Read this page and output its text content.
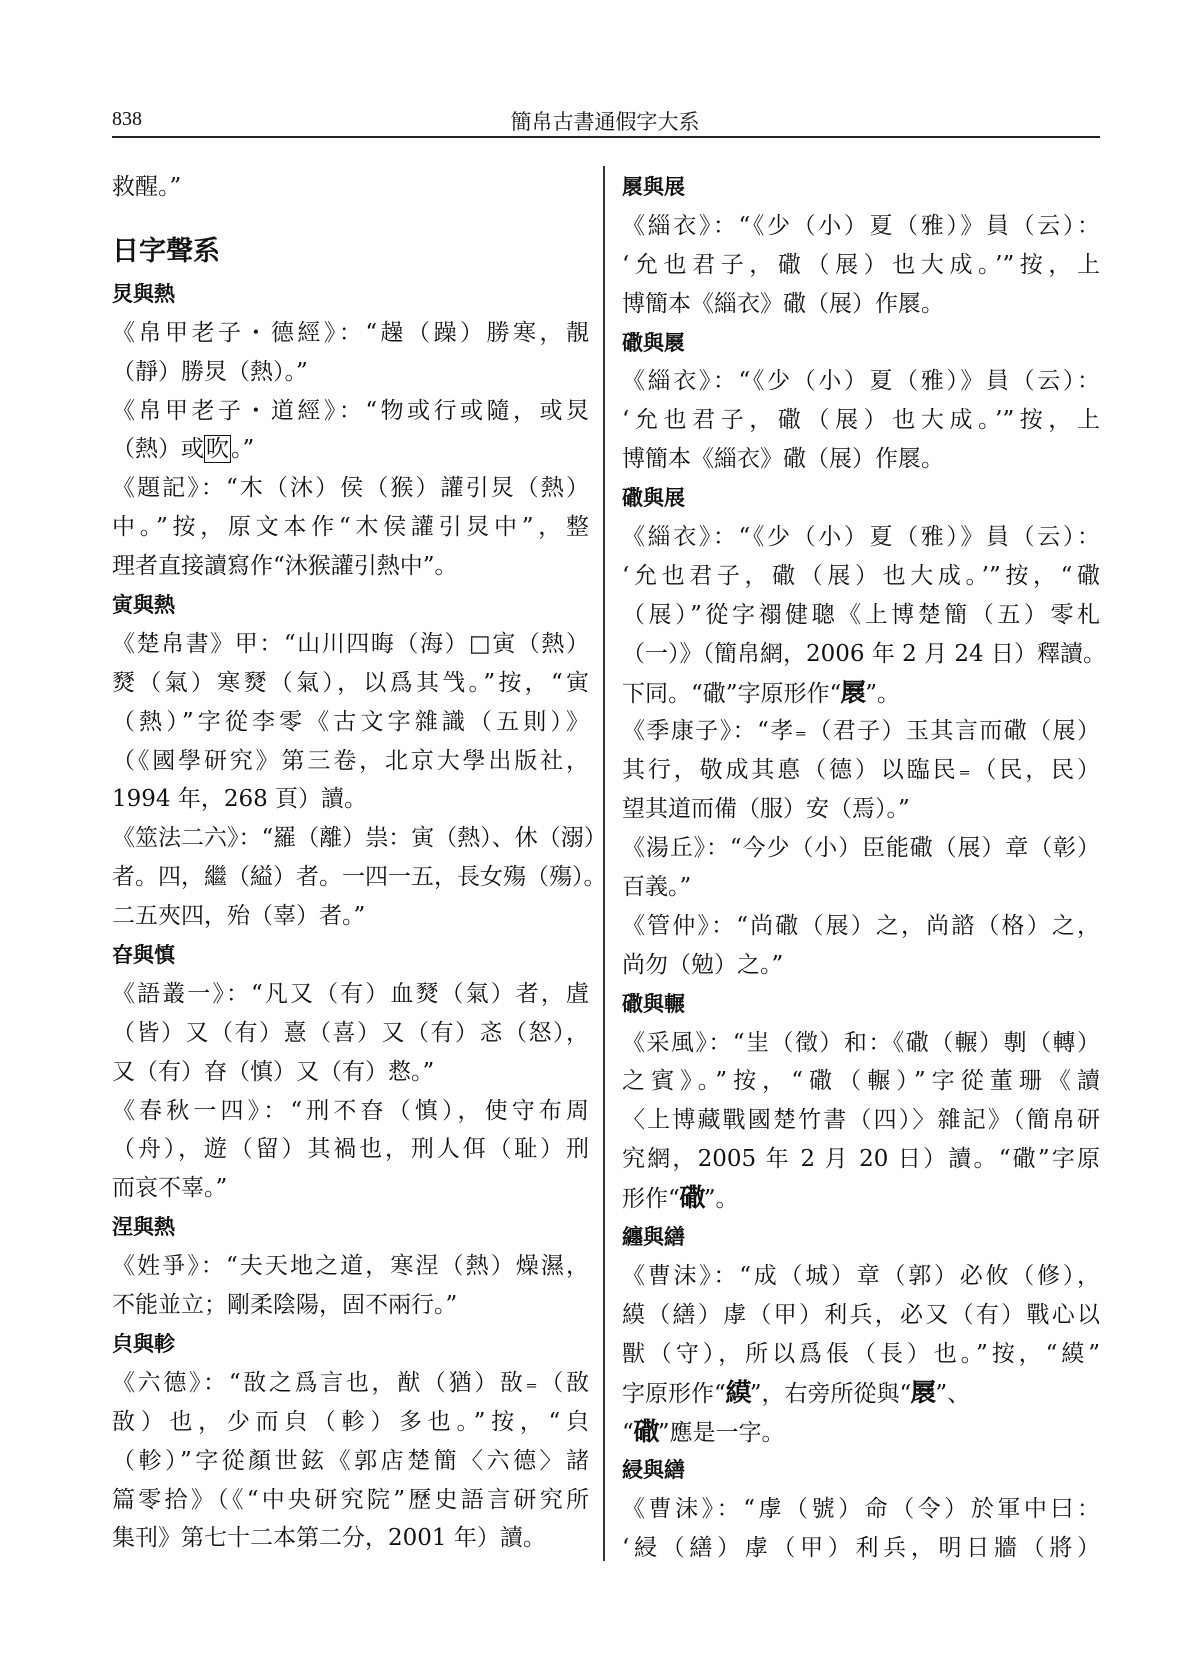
838	簡帛古書通假字大系
救醒。”
日字聲系
炅與熱
《帛甲老子・德經》：“趮（躁）勝寒，靚
（靜）勝炅（熱）。”
《帛甲老子・道經》：“物或行或隨，或炅
（熱）或吹。”
《題記》：“木（沐）侯（猴）讙引炅（熱）
中。”按，原文本作“木侯讙引炅中”，整
理者直接讀寫作“沐猴讙引熱中”。
寅與熱
《楚帛書》甲：“山川四晦（海）□寅（熱）
燹（氣）寒燹（氣），以爲其㦰。”按，“寅
（熱）”字從李零《古文字雜識（五則）》
（《國學研究》第三卷，北京大學出版社，
1994 年，268 頁）讀。
《筮法二六》：“羅（離）祟：寅（熱）、休（溺）
者。四，繼（縊）者。一四一五，長女殤（殤）。
二五夾四，殆（辜）者。”
昚與慎
《語叢一》：“凡又（有）血燹（氣）者，虘
（皆）又（有）憙（喜）又（有）忞（怒），
又（有）昚（慎）又（有）慦。”
《春秋一四》：“刑不昚（慎），使守布周
（舟），遊（留）其禍也，刑人佴（耻）刑
而哀不辜。”
涅與熱
《姓爭》：“夫天地之道，寒涅（熱）燥濕，
不能並立；剛柔陰陽，固不兩行。”
㒵與軫
《六德》：“敔之爲言也，猷（猶）敔₌（敔
敔）也，少而㒵（軫）多也。”按，“㒵
（軫）”字從顏世鉉《郭店楚簡〈六德〉諸
篇零拾》（《“中央研究院”歷史語言研究所
集刊》第七十二本第二分，2001 年）讀。
㞡與展
《緇衣》：“《少（小）夏（雅）》員（云）：
‘允也君子，䃟（展）也大成。’”按，上
博簡本《緇衣》䃟（展）作㞡。
䃟與㞡
《緇衣》：“《少（小）夏（雅）》員（云）：
‘允也君子，䃟（展）也大成。’”按，上
博簡本《緇衣》䃟（展）作㞡。
䃟與展
《緇衣》：“《少（小）夏（雅）》員（云）：
‘允也君子，䃟（展）也大成。’”按，“䃟
（展）”從字禤健聰《上博楚簡（五）零札
（一）》（簡帛網，2006 年 2 月 24 日）釋讀。
下同。“䃟”字原形作“㞡”。
《季康子》：“孝₌（君子）玉其言而䃟（展）
其行，敬成其悳（德）以臨民₌（民，民）
望其道而備（服）安（焉）。”
《湯丘》：“今少（小）臣能䃟（展）章（彰）
百義。”
《管仲》：“尚䃟（展）之，尚諮（格）之，
尚勿（勉）之。”
䃟與輾
《采風》：“㞷（徵）和：《䃟（輾）剸（轉）
之賓》。”按，“䃟（輾）”字從董珊《讀
〈上博藏戰國楚竹書（四）〉雜記》（簡帛研
究網，2005 年 2 月 20 日）讀。“䃟”字原
形作“䃟”。
纏與繕
《曹沫》：“成（城）章（郭）必攸（修），
縸（繕）虖（甲）利兵，必又（有）戰心以
獸（守），所以爲倀（長）也。”按，“縸”
字原形作“縸”，右旁所從與“㞡”、
“䃟”應是一字。
綅與繕
《曹沫》：“虖（號）命（令）於軍中曰：
‘綅（繕）虖（甲）利兵，明日牆（將）
